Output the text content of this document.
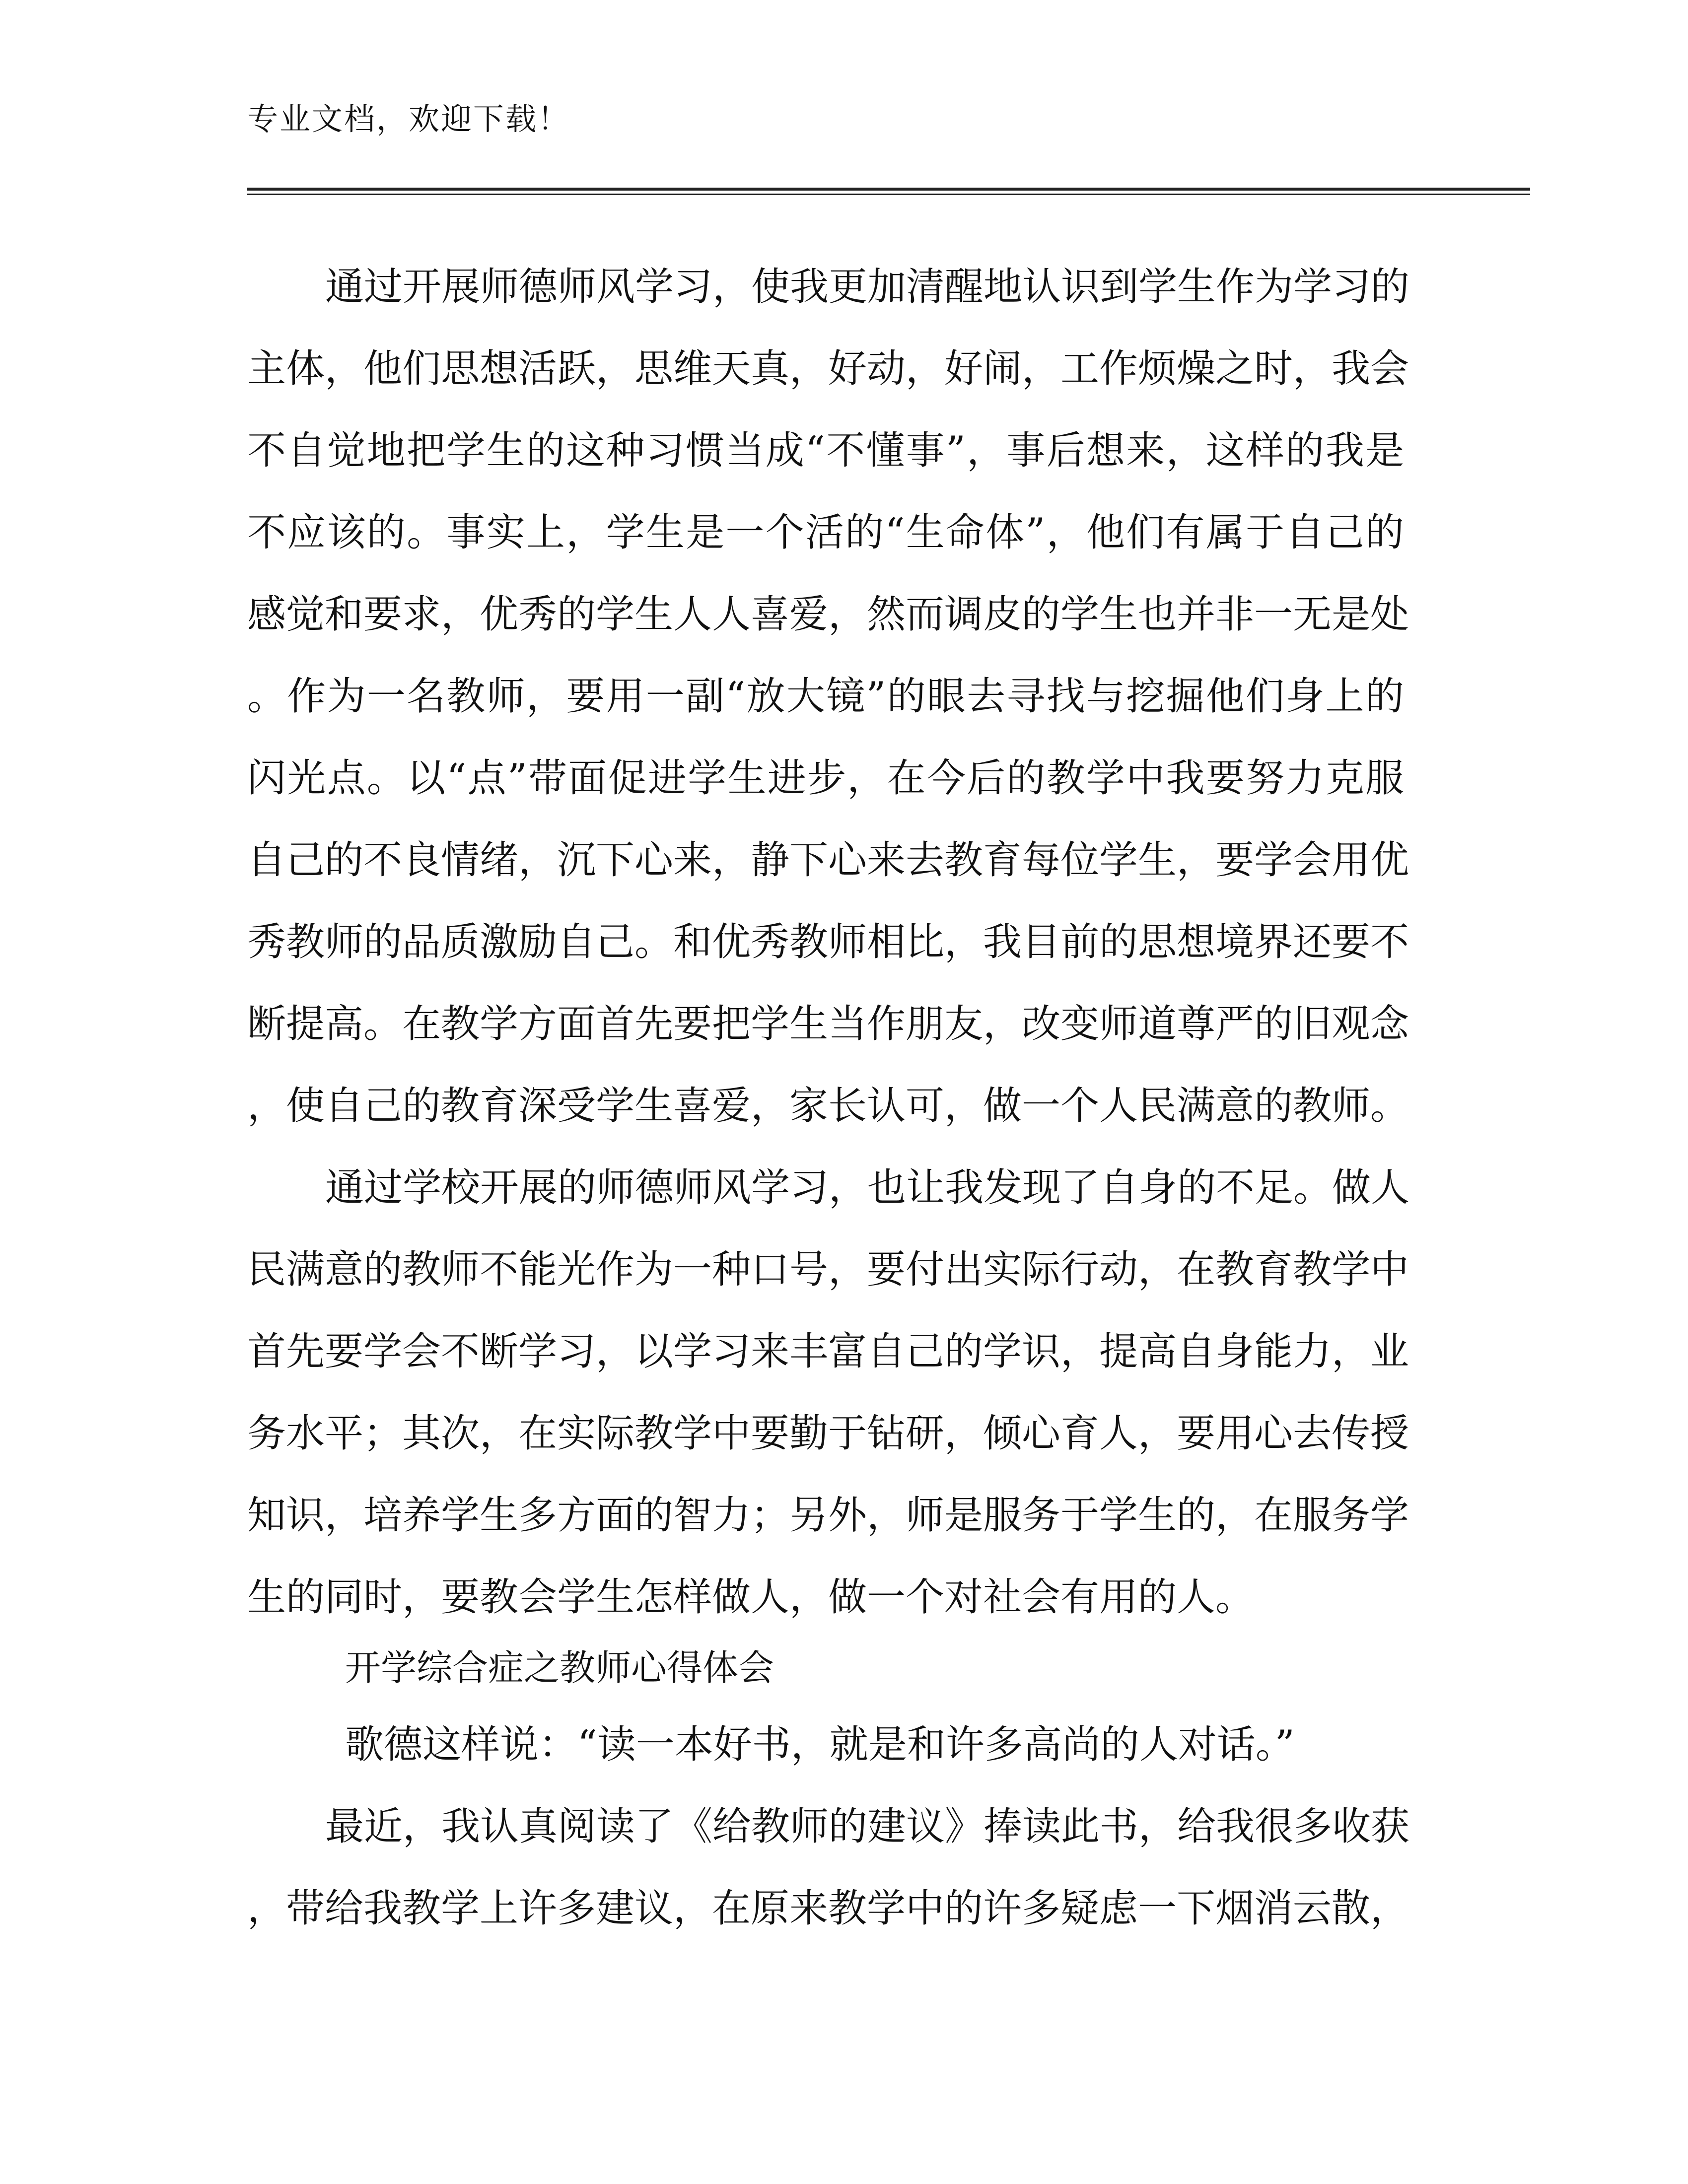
专业文档，欢迎下载！
通过开展师德师风学习，使我更加清醒地认识到学生作为学习的
主体，他们思想活跃，思维天真，好动，好闹，工作烦燥之时，我会
不自觉地把学生的这种习惯当成“不懂事”，事后想来，这样的我是
不应该的。事实上，学生是一个活的“生命体”，他们有属于自己的
感觉和要求，优秀的学生人人喜爱，然而调皮的学生也并非一无是处
。作为一名教师，要用一副“放大镜”的眼去寻找与挖掘他们身上的
闪光点。以“点”带面促进学生进步，在今后的教学中我要努力克服
自己的不良情绪，沉下心来，静下心来去教育每位学生，要学会用优
秀教师的品质激励自己。和优秀教师相比，我目前的思想境界还要不
断提高。在教学方面首先要把学生当作朋友，改变师道尊严的旧观念
，使自己的教育深受学生喜爱，家长认可，做一个人民满意的教师。
通过学校开展的师德师风学习，也让我发现了自身的不足。做人
民满意的教师不能光作为一种口号，要付出实际行动，在教育教学中
首先要学会不断学习，以学习来丰富自己的学识，提高自身能力，业
务水平；其次，在实际教学中要勤于钻研，倾心育人，要用心去传授
知识，培养学生多方面的智力；另外，师是服务于学生的，在服务学
生的同时，要教会学生怎样做人，做一个对社会有用的人。
开学综合症之教师心得体会
歌德这样说：“读一本好书，就是和许多高尚的人对话。”
最近，我认真阅读了《给教师的建议》捧读此书，给我很多收获
，带给我教学上许多建议，在原来教学中的许多疑虑一下烟消云散，
